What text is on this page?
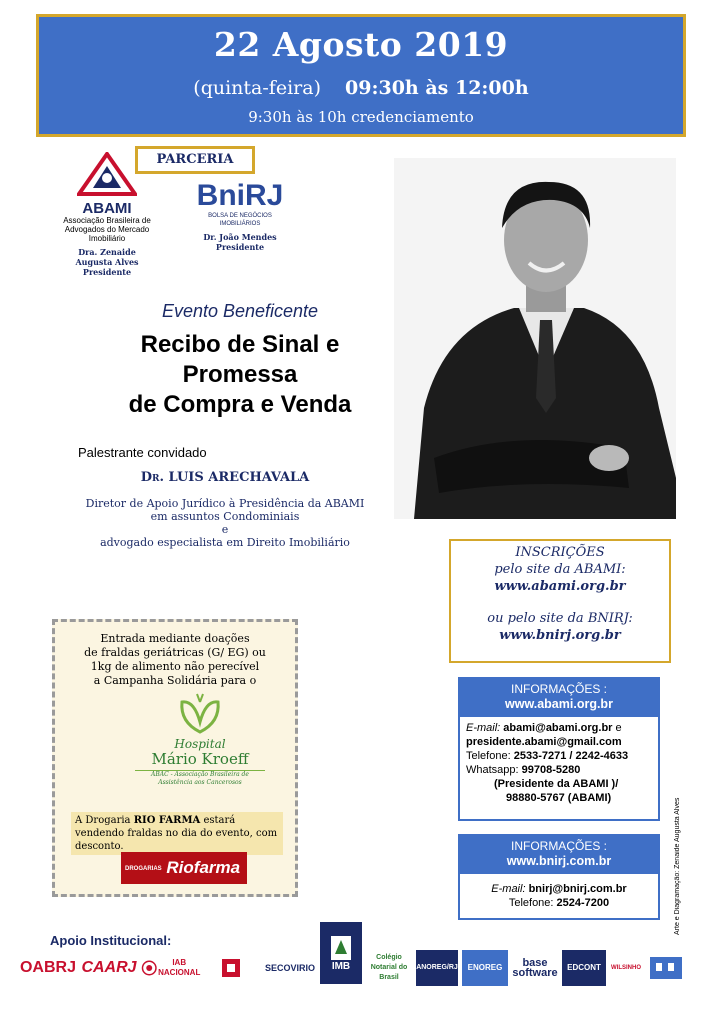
22 Agosto 2019
(quinta-feira) 09:30h às 12:00h
9:30h às 10h credenciamento
ABAMI
Associação Brasileira de Advogados do Mercado Imobiliário
Dra. Zenaide Augusta Alves
Presidente
PARCERIA
BniRJ
BOLSA DE NEGÓCIOS IMOBILIÁRIOS
Dr. João Mendes
Presidente
Evento Beneficente
Recibo de Sinal e
Promessa
de Compra e Venda
Palestrante convidado
Dr. LUIS ARECHAVALA
Diretor de Apoio Jurídico à Presidência da ABAMI
em assuntos Condominiais
e
advogado especialista em Direito Imobiliário
INSCRIÇÕES
pelo site da ABAMI:
www.abami.org.br
ou pelo site da BNIRJ:
www.bnirj.org.br
Entrada mediante doações
de fraldas geriátricas (G/ EG) ou
1kg de alimento não perecível
a Campanha Solidária para o
Hospital
Mário Kroeff
ABAC - Associação Brasileira de Assistência aos Cancerosos
A Drogaria RIO FARMA estará vendendo fraldas no dia do evento, com desconto.
DROGARIAS Riofarma
INFORMAÇÕES :
www.abami.org.br
E-mail: abami@abami.org.br e
presidente.abami@gmail.com
Telefone: 2533-7271 / 2242-4633
Whatsapp: 99708-5280
(Presidente da ABAMI )/
98880-5767 (ABAMI)
INFORMAÇÕES :
www.bnirj.com.br
E-mail: bnirj@bnirj.com.br
Telefone: 2524-7200	Arte e Diagramação: Zenaide Augusta Alves
Apoio Institucional:
OABRJ CAARJ	IAB NACIONAL	SECOVIRIO	IMB
Colégio Notarial do Brasil
ANOREG/RJ	ENOREG	base software	EDCONT	WILSINHO
